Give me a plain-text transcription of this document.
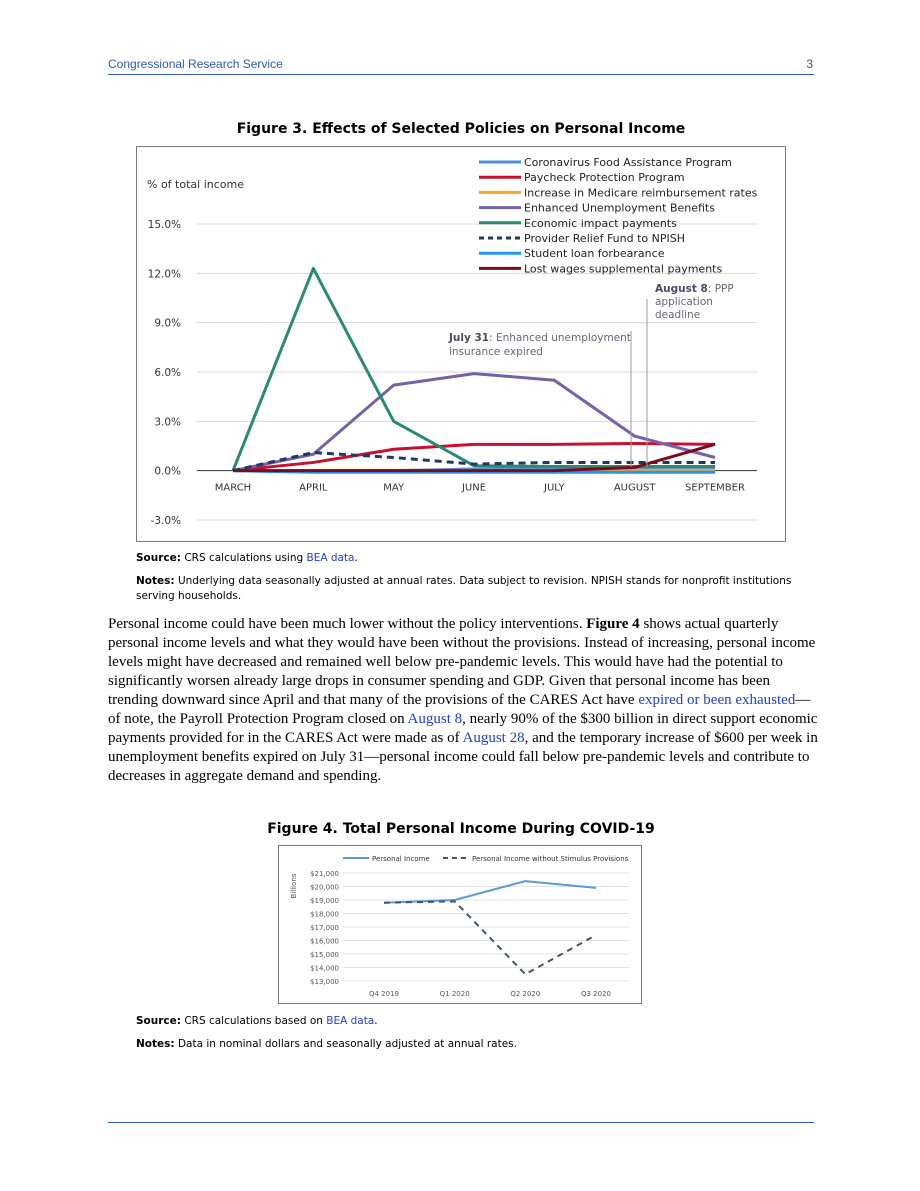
Congressional Research Service	3
Figure 3. Effects of Selected Policies on Personal Income
% of total income
-3.0%
0.0%
3.0%
6.0%
9.0%
12.0%
15.0%
MARCH	APRIL	MAY	JUNE	JULY	AUGUST	SEPTEMBER
Coronavirus Food Assistance Program
Paycheck Protection Program
Increase in Medicare reimbursement rates
Enhanced Unemployment Benefits
Economic impact payments
Provider Relief Fund to NPISH
Student loan forbearance
Lost wages supplemental payments
July 31: Enhanced unemployment
insurance expired
August 8: PPP
application
deadline
Source: CRS calculations using BEA data.
Notes: Underlying data seasonally adjusted at annual rates. Data subject to revision. NPISH stands for nonprofit institutions serving households.
Personal income could have been much lower without the policy interventions. Figure 4 shows actual quarterly personal income levels and what they would have been without the provisions. Instead of increasing, personal income levels might have decreased and remained well below pre-pandemic levels. This would have had the potential to significantly worsen already large drops in consumer spending and GDP. Given that personal income has been trending downward since April and that many of the provisions of the CARES Act have expired or been exhausted—of note, the Payroll Protection Program closed on August 8, nearly 90% of the $300 billion in direct support economic payments provided for in the CARES Act were made as of August 28, and the temporary increase of $600 per week in unemployment benefits expired on July 31—personal income could fall below pre-pandemic levels and contribute to decreases in aggregate demand and spending.
Figure 4. Total Personal Income During COVID-19
$13,000
$14,000
$15,000
$16,000
$17,000
$18,000
$19,000
$20,000
$21,000
Billions
Q4 2019	Q1 2020	Q2 2020	Q3 2020
Personal Income	Personal Income without Stimulus Provisions
Source: CRS calculations based on BEA data.
Notes: Data in nominal dollars and seasonally adjusted at annual rates.
